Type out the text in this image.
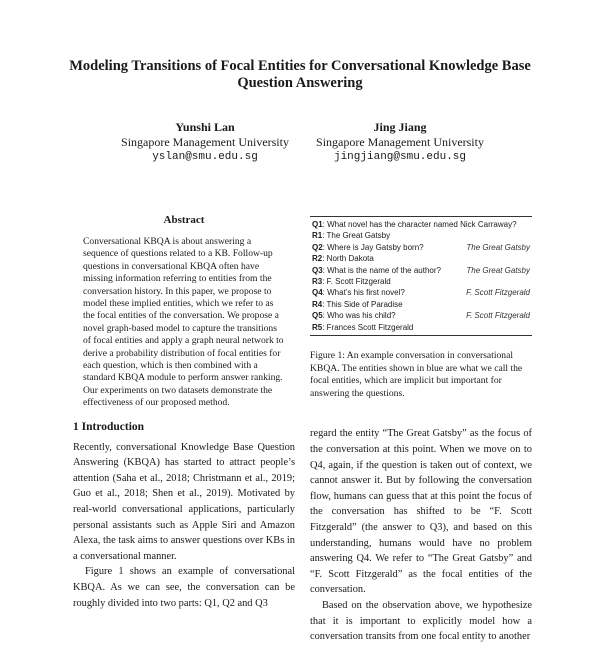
Modeling Transitions of Focal Entities for Conversational Knowledge Base Question Answering
Yunshi Lan
Singapore Management University
yslan@smu.edu.sg
Jing Jiang
Singapore Management University
jingjiang@smu.edu.sg
Abstract

Conversational KBQA is about answering a sequence of questions related to a KB. Follow-up questions in conversational KBQA often have missing information referring to entities from the conversation history. In this paper, we propose to model these implied entities, which we refer to as the focal entities of the conversation. We propose a novel graph-based model to capture the transitions of focal entities and apply a graph neural network to derive a probability distribution of focal entities for each question, which is then combined with a standard KBQA module to perform answer ranking. Our experiments on two datasets demonstrate the effectiveness of our proposed method.

1 Introduction

Recently, conversational Knowledge Base Question Answering (KBQA) has started to attract people’s attention (Saha et al., 2018; Christmann et al., 2019; Guo et al., 2018; Shen et al., 2019). Motivated by real-world conversational applications, particularly personal assistants such as Apple Siri and Amazon Alexa, the task aims to answer questions over KBs in a conversational manner.

Figure 1 shows an example of conversational KBQA. As we can see, the conversation can be roughly divided into two parts: Q1, Q2 and Q3

Q1: What novel has the character named Nick Carraway?
R1: The Great Gatsby
Q2: Where is Jay Gatsby born?	The Great Gatsby
R2: North Dakota
Q3: What is the name of the author?	The Great Gatsby
R3: F. Scott Fitzgerald
Q4: What’s his first novel?	F. Scott Fitzgerald
R4: This Side of Paradise
Q5: Who was his child?	F. Scott Fitzgerald
R5: Frances Scott Fitzgerald

Figure 1: An example conversation in conversational KBQA. The entities shown in blue are what we call the focal entities, which are implicit but important for answering the questions.

regard the entity “The Great Gatsby” as the focus of the conversation at this point. When we move on to Q4, again, if the question is taken out of context, we cannot answer it. But by following the conversation flow, humans can guess that at this point the focus of the conversation has shifted to be “F. Scott Fitzgerald” (the answer to Q3), and based on this understanding, humans would have no problem answering Q4. We refer to “The Great Gatsby” and “F. Scott Fitzgerald” as the focal entities of the conversation.

Based on the observation above, we hypothesize that it is important to explicitly model how a conversation transits from one focal entity to another
